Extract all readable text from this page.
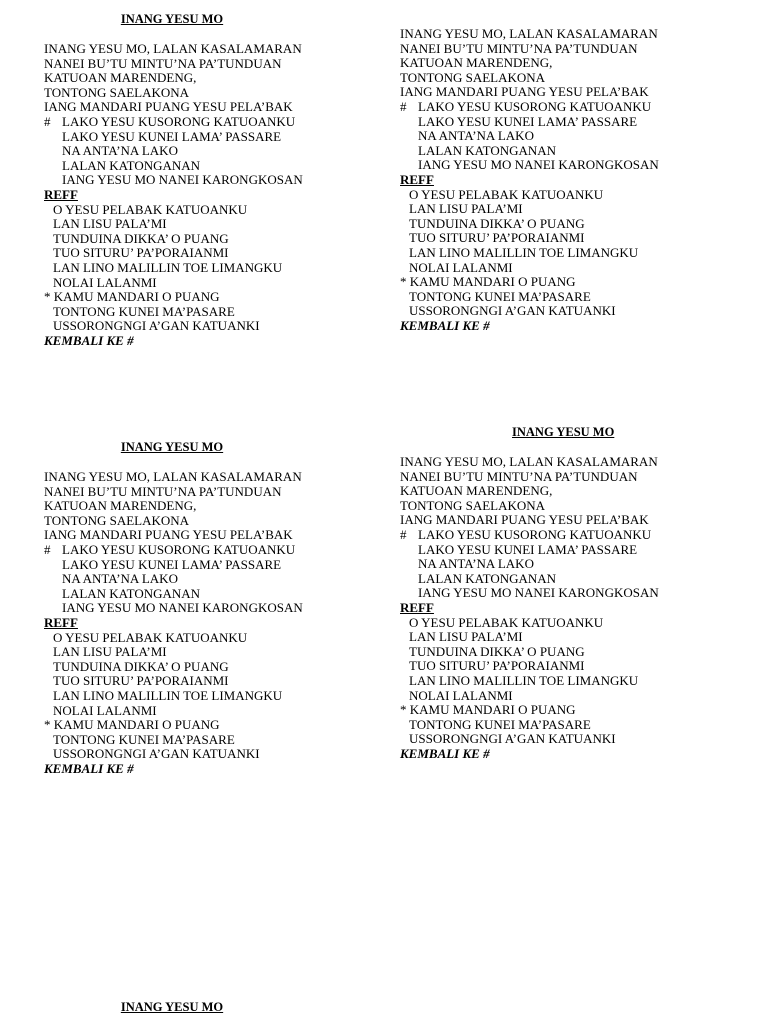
INANG YESU MO
INANG YESU MO, LALAN KASALAMARAN
NANEI BU’TU MINTU’NA PA’TUNDUAN
KATUOAN MARENDENG,
TONTONG SAELAKONA
IANG MANDARI PUANG YESU PELA’BAK
# LAKO YESU KUSORONG KATUOANKU
LAKO YESU KUNEI LAMA’ PASSARE
NA ANTA’NA LAKO
LALAN KATONGANAN
IANG YESU MO NANEI KARONGKOSAN
REFF
O YESU PELABAK KATUOANKU
LAN LISU PALA’MI
TUNDUINA DIKKA’ O PUANG
TUO SITURU’ PA’PORAIANMI
LAN LINO MALILLIN TOE LIMANGKU
NOLAI LALANMI
* KAMU MANDARI O PUANG
TONTONG KUNEI MA’PASARE
USSORONGNGI A’GAN KATUANKI
KEMBALI KE #
INANG YESU MO, LALAN KASALAMARAN
NANEI BU’TU MINTU’NA PA’TUNDUAN
KATUOAN MARENDENG,
TONTONG SAELAKONA
IANG MANDARI PUANG YESU PELA’BAK
# LAKO YESU KUSORONG KATUOANKU
LAKO YESU KUNEI LAMA’ PASSARE
NA ANTA’NA LAKO
LALAN KATONGANAN
IANG YESU MO NANEI KARONGKOSAN
REFF
O YESU PELABAK KATUOANKU
LAN LISU PALA’MI
TUNDUINA DIKKA’ O PUANG
TUO SITURU’ PA’PORAIANMI
LAN LINO MALILLIN TOE LIMANGKU
NOLAI LALANMI
* KAMU MANDARI O PUANG
TONTONG KUNEI MA’PASARE
USSORONGNGI A’GAN KATUANKI
KEMBALI KE #
INANG YESU MO
INANG YESU MO, LALAN KASALAMARAN
NANEI BU’TU MINTU’NA PA’TUNDUAN
KATUOAN MARENDENG,
TONTONG SAELAKONA
IANG MANDARI PUANG YESU PELA’BAK
# LAKO YESU KUSORONG KATUOANKU
LAKO YESU KUNEI LAMA’ PASSARE
NA ANTA’NA LAKO
LALAN KATONGANAN
IANG YESU MO NANEI KARONGKOSAN
REFF
O YESU PELABAK KATUOANKU
LAN LISU PALA’MI
TUNDUINA DIKKA’ O PUANG
TUO SITURU’ PA’PORAIANMI
LAN LINO MALILLIN TOE LIMANGKU
NOLAI LALANMI
* KAMU MANDARI O PUANG
TONTONG KUNEI MA’PASARE
USSORONGNGI A’GAN KATUANKI
KEMBALI KE #
INANG YESU MO
INANG YESU MO, LALAN KASALAMARAN
NANEI BU’TU MINTU’NA PA’TUNDUAN
KATUOAN MARENDENG,
TONTONG SAELAKONA
IANG MANDARI PUANG YESU PELA’BAK
# LAKO YESU KUSORONG KATUOANKU
LAKO YESU KUNEI LAMA’ PASSARE
NA ANTA’NA LAKO
LALAN KATONGANAN
IANG YESU MO NANEI KARONGKOSAN
REFF
O YESU PELABAK KATUOANKU
LAN LISU PALA’MI
TUNDUINA DIKKA’ O PUANG
TUO SITURU’ PA’PORAIANMI
LAN LINO MALILLIN TOE LIMANGKU
NOLAI LALANMI
* KAMU MANDARI O PUANG
TONTONG KUNEI MA’PASARE
USSORONGNGI A’GAN KATUANKI
KEMBALI KE #
INANG YESU MO
